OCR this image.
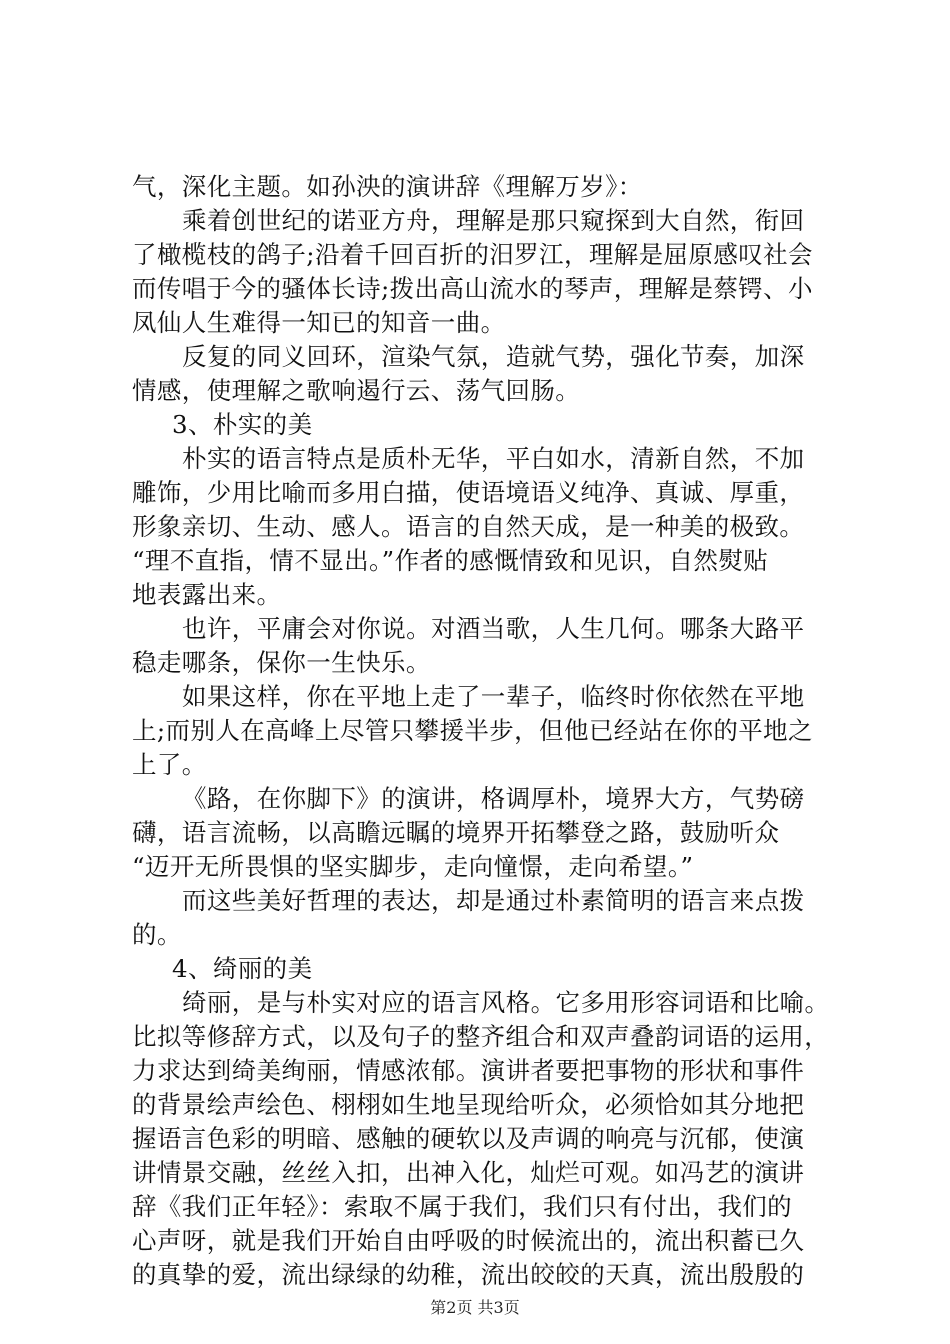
气，深化主题。如孙泱的演讲辞《理解万岁》：
乘着创世纪的诺亚方舟，理解是那只窥探到大自然，衔回
了橄榄枝的鸽子;沿着千回百折的汨罗江，理解是屈原感叹社会
而传唱于今的骚体长诗;拨出高山流水的琴声，理解是蔡锷、小
凤仙人生难得一知已的知音一曲。
反复的同义回环，渲染气氛，造就气势，强化节奏，加深
情感，使理解之歌响遏行云、荡气回肠。
3、朴实的美
朴实的语言特点是质朴无华，平白如水，清新自然，不加
雕饰，少用比喻而多用白描，使语境语义纯净、真诚、厚重，
形象亲切、生动、感人。语言的自然天成，是一种美的极致。
“理不直指，情不显出。”作者的感慨情致和见识，自然熨贴
地表露出来。
也许，平庸会对你说。对酒当歌，人生几何。哪条大路平
稳走哪条，保你一生快乐。
如果这样，你在平地上走了一辈子，临终时你依然在平地
上;而别人在高峰上尽管只攀援半步，但他已经站在你的平地之
上了。
《路，在你脚下》的演讲，格调厚朴，境界大方，气势磅
礴，语言流畅，以高瞻远瞩的境界开拓攀登之路，鼓励听众
“迈开无所畏惧的坚实脚步，走向憧憬，走向希望。”
而这些美好哲理的表达，却是通过朴素简明的语言来点拨
的。
4、绮丽的美
绮丽，是与朴实对应的语言风格。它多用形容词语和比喻。
比拟等修辞方式，以及句子的整齐组合和双声叠韵词语的运用，
力求达到绮美绚丽，情感浓郁。演讲者要把事物的形状和事件
的背景绘声绘色、栩栩如生地呈现给听众，必须恰如其分地把
握语言色彩的明暗、感触的硬软以及声调的响亮与沉郁，使演
讲情景交融，丝丝入扣，出神入化，灿烂可观。如冯艺的演讲
辞《我们正年轻》：索取不属于我们，我们只有付出，我们的
心声呀，就是我们开始自由呼吸的时候流出的，流出积蓄已久
的真挚的爱，流出绿绿的幼稚，流出皎皎的天真，流出殷殷的
第2页 共3页
